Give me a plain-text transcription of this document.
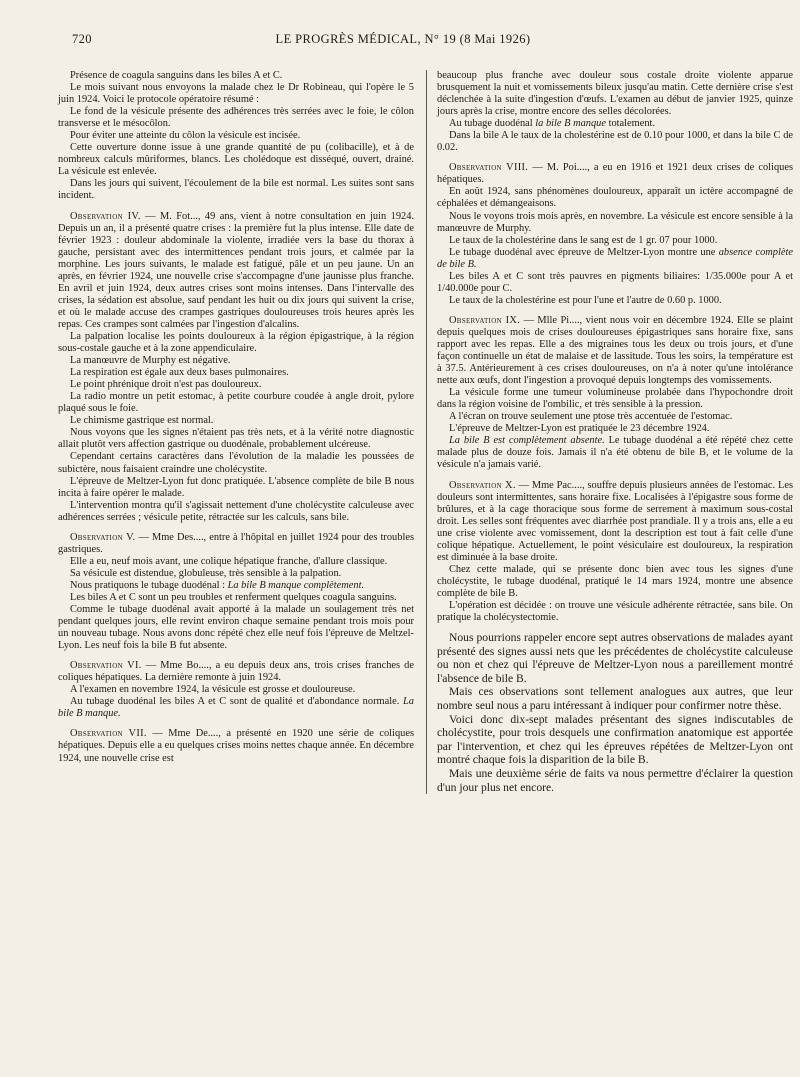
720	LE PROGRÈS MÉDICAL, N° 19 (8 Mai 1926)

Présence de coagula sanguins dans les biles A et C.

Le mois suivant nous envoyons la malade chez le Dr Robineau, qui l'opère le 5 juin 1924. Voici le protocole opératoire résumé :

Le fond de la vésicule présente des adhérences très serrées avec le foie, le côlon transverse et le mésocôlon.

Pour éviter une atteinte du côlon la vésicule est incisée.

Cette ouverture donne issue à une grande quantité de pu (colibacille), et à de nombreux calculs mûriformes, blancs. Les cholédoque est disséqué, ouvert, drainé. La vésicule est enlevée.

Dans les jours qui suivent, l'écoulement de la bile est normal. Les suites sont sans incident.

Observation IV. — M. Fot..., 49 ans, vient à notre consultation en juin 1924. Depuis un an, il a présenté quatre crises : la première fut la plus intense. Elle date de février 1923 : douleur abdominale la violente, irradiée vers la base du thorax à gauche, persistant avec des intermittences pendant trois jours, et calmée par la morphine. Les jours suivants, le malade est fatigué, pâle et un peu jaune. Un an après, en février 1924, une nouvelle crise s'accompagne d'une jaunisse plus franche. En avril et juin 1924, deux autres crises sont moins intenses. Dans l'intervalle des crises, la sédation est absolue, sauf pendant les huit ou dix jours qui suivent la crise, et où le malade accuse des crampes gastriques douloureuses trois heures après les repas. Ces crampes sont calmées par l'ingestion d'alcalins.

La palpation localise les points douloureux à la région épigastrique, à la région sous-costale gauche et à la zone appendiculaire.

La manœuvre de Murphy est négative.

La respiration est égale aux deux bases pulmonaires.

Le point phrénique droit n'est pas douloureux.

La radio montre un petit estomac, à petite courbure coudée à angle droit, pylore plaqué sous le foie.

Le chimisme gastrique est normal.

Nous voyons que les signes n'étaient pas très nets, et à la vérité notre diagnostic allait plutôt vers affection gastrique ou duodénale, probablement ulcéreuse.

Cependant certains caractères dans l'évolution de la maladie les poussées de subictère, nous faisaient craindre une cholécystite.

L'épreuve de Meltzer-Lyon fut donc pratiquée. L'absence complète de bile B nous incita à faire opérer le malade.

L'intervention montra qu'il s'agissait nettement d'une cholécystite calculeuse avec adhérences serrées ; vésicule petite, rétractée sur les calculs, sans bile.

Observation V. — Mme Des...., entre à l'hôpital en juillet 1924 pour des troubles gastriques.

Elle a eu, neuf mois avant, une colique hépatique franche, d'allure classique.

Sa vésicule est distendue, globuleuse, très sensible à la palpation.

Nous pratiquons le tubage duodénal : La bile B manque complètement.

Les biles A et C sont un peu troubles et renferment quelques coagula sanguins.

Comme le tubage duodénal avait apporté à la malade un soulagement très net pendant quelques jours, elle revint environ chaque semaine pendant trois mois pour un nouveau tubage. Nous avons donc répété chez elle neuf fois l'épreuve de Meltzel-Lyon. Les neuf fois la bile B fut absente.

Observation VI. — Mme Bo...., a eu depuis deux ans, trois crises franches de coliques hépatiques. La dernière remonte à juin 1924.

A l'examen en novembre 1924, la vésicule est grosse et douloureuse.

Au tubage duodénal les biles A et C sont de qualité et d'abondance normale. La bile B manque.

Observation VII. — Mme De...., a présenté en 1920 une série de coliques hépatiques. Depuis elle a eu quelques crises moins nettes chaque année. En décembre 1924, une nouvelle crise est

beaucoup plus franche avec douleur sous costale droite violente apparue brusquement la nuit et vomissements bileux jusqu'au matin. Cette dernière crise s'est déclenchée à la suite d'ingestion d'œufs. L'examen au début de janvier 1925, quinze jours après la crise, montre encore des selles décolorées.

Au tubage duodénal la bile B manque totalement.

Dans la bile A le taux de la cholestérine est de 0.10 pour 1000, et dans la bile C de 0.02.

Observation VIII. — M. Poi...., a eu en 1916 et 1921 deux crises de coliques hépatiques.

En août 1924, sans phénomènes douloureux, apparaît un ictère accompagné de céphalées et démangeaisons.

Nous le voyons trois mois après, en novembre. La vésicule est encore sensible à la manœuvre de Murphy.

Le taux de la cholestérine dans le sang est de 1 gr. 07 pour 1000.

Le tubage duodénal avec épreuve de Meltzer-Lyon montre une absence complète de bile B.

Les biles A et C sont très pauvres en pigments biliaires: 1/35.000e pour A et 1/40.000e pour C.

Le taux de la cholestérine est pour l'une et l'autre de 0.60 p. 1000.

Observation IX. — Mlle Pi...., vient nous voir en décembre 1924. Elle se plaint depuis quelques mois de crises douloureuses épigastriques sans horaire fixe, sans rapport avec les repas. Elle a des migraines tous les deux ou trois jours, et d'une façon continuelle un état de malaise et de lassitude. Tous les soirs, la température est à 37.5. Antérieurement à ces crises douloureuses, on n'a à noter qu'une intolérance nette aux œufs, dont l'ingestion a provoqué depuis longtemps des vomissements.

La vésicule forme une tumeur volumineuse prolabée dans l'hypochondre droit dans la région voisine de l'ombilic, et très sensible à la pression.

A l'écran on trouve seulement une ptose très accentuée de l'estomac.

L'épreuve de Meltzer-Lyon est pratiquée le 23 décembre 1924.

La bile B est complètement absente. Le tubage duodénal a été répété chez cette malade plus de douze fois. Jamais il n'a été obtenu de bile B, et le volume de la vésicule n'a jamais varié.

Observation X. — Mme Pac...., souffre depuis plusieurs années de l'estomac. Les douleurs sont intermittentes, sans horaire fixe. Localisées à l'épigastre sous forme de brûlures, et à la cage thoracique sous forme de serrement à maximum sous-costal droit. Les selles sont fréquentes avec diarrhée post prandiale. Il y a trois ans, elle a eu une crise violente avec vomissement, dont la description est tout à fait celle d'une colique hépatique. Actuellement, le point vésiculaire est douloureux, la respiration est diminuée à la base droite.

Chez cette malade, qui se présente donc bien avec tous les signes d'une cholécystite, le tubage duodénal, pratiqué le 14 mars 1924, montre une absence complète de bile B.

L'opération est décidée : on trouve une vésicule adhérente rétractée, sans bile. On pratique la cholécystectomie.

Nous pourrions rappeler encore sept autres observations de malades ayant présenté des signes aussi nets que les précédentes de cholécystite calculeuse ou non et chez qui l'épreuve de Meltzer-Lyon nous a pareillement montré l'absence de bile B.

Mais ces observations sont tellement analogues aux autres, que leur nombre seul nous a paru intéressant à indiquer pour confirmer notre thèse.

Voici donc dix-sept malades présentant des signes indiscutables de cholécystite, pour trois desquels une confirmation anatomique est apportée par l'intervention, et chez qui les épreuves répétées de Meltzer-Lyon ont montré chaque fois la disparition de la bile B.

Mais une deuxième série de faits va nous permettre d'éclairer la question d'un jour plus net encore.
